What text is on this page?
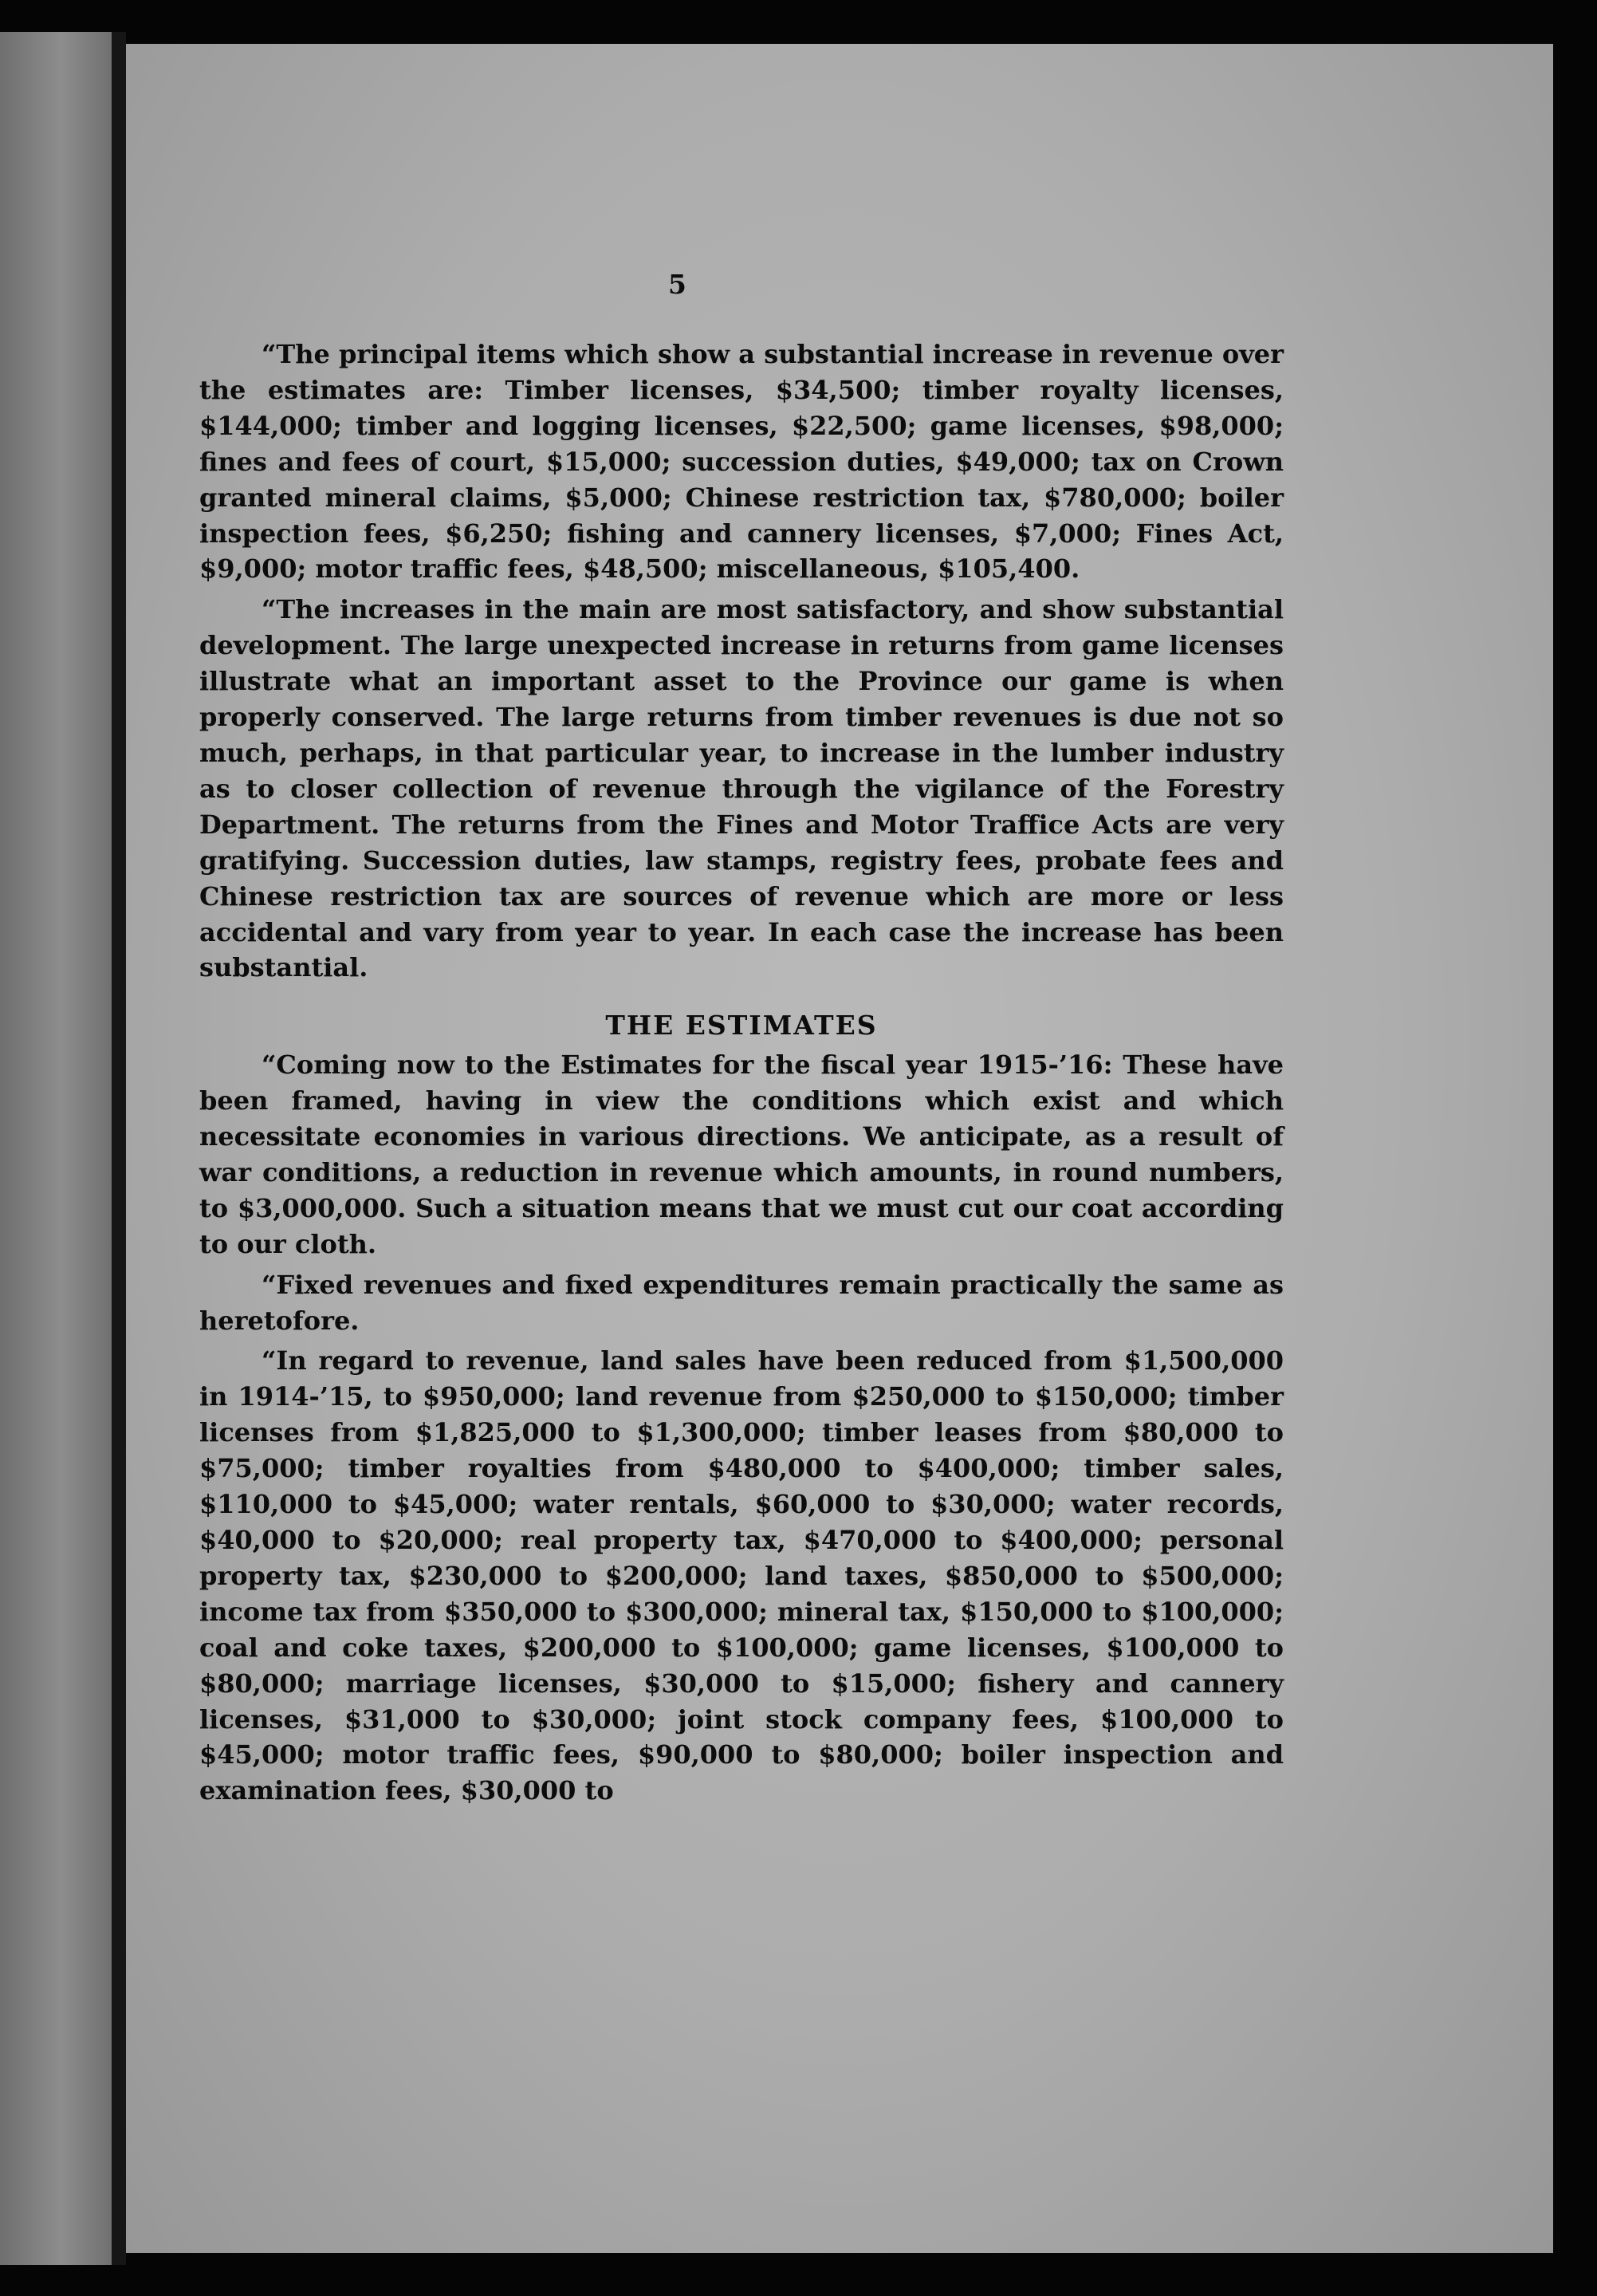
5

“The principal items which show a substantial increase in revenue over the estimates are: Timber licenses, $34,500; timber royalty licenses, $144,000; timber and logging licenses, $22,500; game licenses, $98,000; fines and fees of court, $15,000; succession duties, $49,000; tax on Crown granted mineral claims, $5,000; Chinese restriction tax, $780,000; boiler inspection fees, $6,250; fishing and cannery licenses, $7,000; Fines Act, $9,000; motor traffic fees, $48,500; miscellaneous, $105,400.

“The increases in the main are most satisfactory, and show substantial development. The large unexpected increase in returns from game licenses illustrate what an important asset to the Province our game is when properly conserved. The large returns from timber revenues is due not so much, perhaps, in that particular year, to increase in the lumber industry as to closer collection of revenue through the vigilance of the Forestry Department. The returns from the Fines and Motor Traffice Acts are very gratifying. Succession duties, law stamps, registry fees, probate fees and Chinese restriction tax are sources of revenue which are more or less accidental and vary from year to year. In each case the increase has been substantial.

THE ESTIMATES

“Coming now to the Estimates for the fiscal year 1915-’16: These have been framed, having in view the conditions which exist and which necessitate economies in various directions. We anticipate, as a result of war conditions, a reduction in revenue which amounts, in round numbers, to $3,000,000. Such a situation means that we must cut our coat according to our cloth.

“Fixed revenues and fixed expenditures remain practically the same as heretofore.

“In regard to revenue, land sales have been reduced from $1,500,000 in 1914-’15, to $950,000; land revenue from $250,000 to $150,000; timber licenses from $1,825,000 to $1,300,000; timber leases from $80,000 to $75,000; timber royalties from $480,000 to $400,000; timber sales, $110,000 to $45,000; water rentals, $60,000 to $30,000; water records, $40,000 to $20,000; real property tax, $470,000 to $400,000; personal property tax, $230,000 to $200,000; land taxes, $850,000 to $500,000; income tax from $350,000 to $300,000; mineral tax, $150,000 to $100,000; coal and coke taxes, $200,000 to $100,000; game licenses, $100,000 to $80,000; marriage licenses, $30,000 to $15,000; fishery and cannery licenses, $31,000 to $30,000; joint stock company fees, $100,000 to $45,000; motor traffic fees, $90,000 to $80,000; boiler inspection and examination fees, $30,000 to
